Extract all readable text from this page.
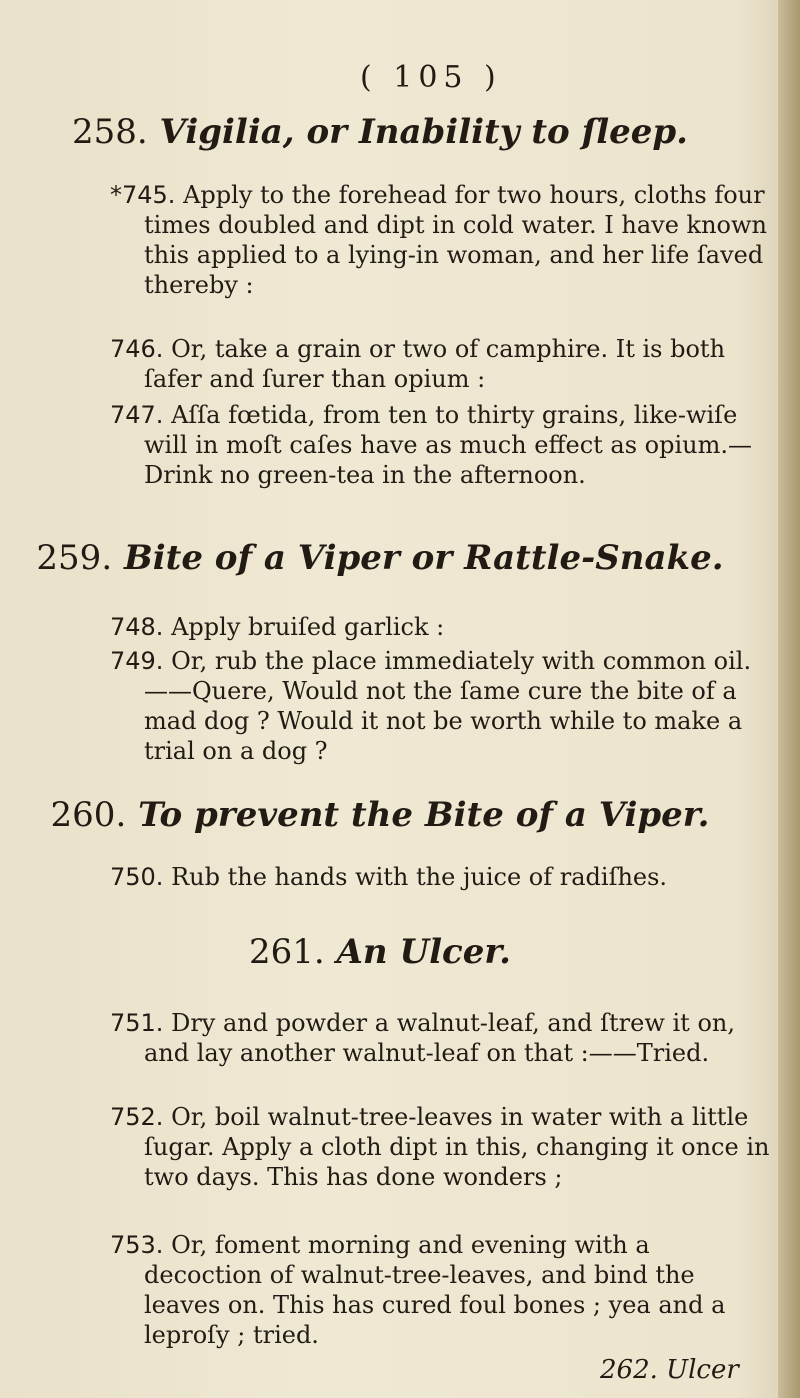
( 105 )
258. Vigilia, or Inability to ſleep.

*745. Apply to the forehead for two hours, cloths four times doubled and dipt in cold water. I have known this applied to a lying-in woman, and her life ſaved thereby :

746. Or, take a grain or two of camphire. It is both ſafer and ſurer than opium :

747. Aſſa fœtida, from ten to thirty grains, like-wiſe will in moſt caſes have as much effect as opium.—Drink no green-tea in the afternoon.

259. Bite of a Viper or Rattle-Snake.

748. Apply bruiſed garlick :

749. Or, rub the place immediately with common oil.——Quere, Would not the ſame cure the bite of a mad dog ? Would it not be worth while to make a trial on a dog ?

260. To prevent the Bite of a Viper.

750. Rub the hands with the juice of radiſhes.

261. An Ulcer.

751. Dry and powder a walnut-leaf, and ſtrew it on, and lay another walnut-leaf on that :——Tried.

752. Or, boil walnut-tree-leaves in water with a little ſugar. Apply a cloth dipt in this, changing it once in two days. This has done wonders ;

753. Or, foment morning and evening with a decoction of walnut-tree-leaves, and bind the leaves on. This has cured foul bones ; yea and a leproſy ; tried.

262. Ulcer
